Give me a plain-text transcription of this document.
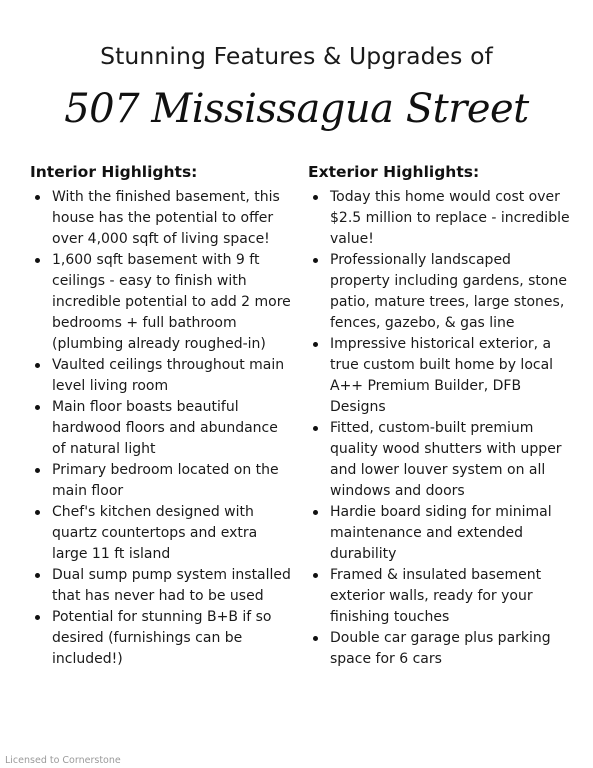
Stunning Features & Upgrades of
507 Mississagua Street
Interior Highlights:
With the finished basement, this house has the potential to offer over 4,000 sqft of living space!
1,600 sqft basement with 9 ft ceilings - easy to finish with incredible potential to add 2 more bedrooms + full bathroom (plumbing already roughed-in)
Vaulted ceilings throughout main level living room
Main floor boasts beautiful hardwood floors and abundance of natural light
Primary bedroom located on the main floor
Chef's kitchen designed with quartz countertops and extra large 11 ft island
Dual sump pump system installed that has never had to be used
Potential for stunning B+B if so desired (furnishings can be included!)
Exterior Highlights:
Today this home would cost over $2.5 million to replace - incredible value!
Professionally landscaped property including gardens, stone patio, mature trees, large stones, fences, gazebo, & gas line
Impressive historical exterior, a true custom built home by local A++ Premium Builder, DFB Designs
Fitted, custom-built premium quality wood shutters with upper and lower louver system on all windows and doors
Hardie board siding for minimal maintenance and extended durability
Framed & insulated basement exterior walls, ready for your finishing touches
Double car garage plus parking space for 6 cars
Licensed to Cornerstone
